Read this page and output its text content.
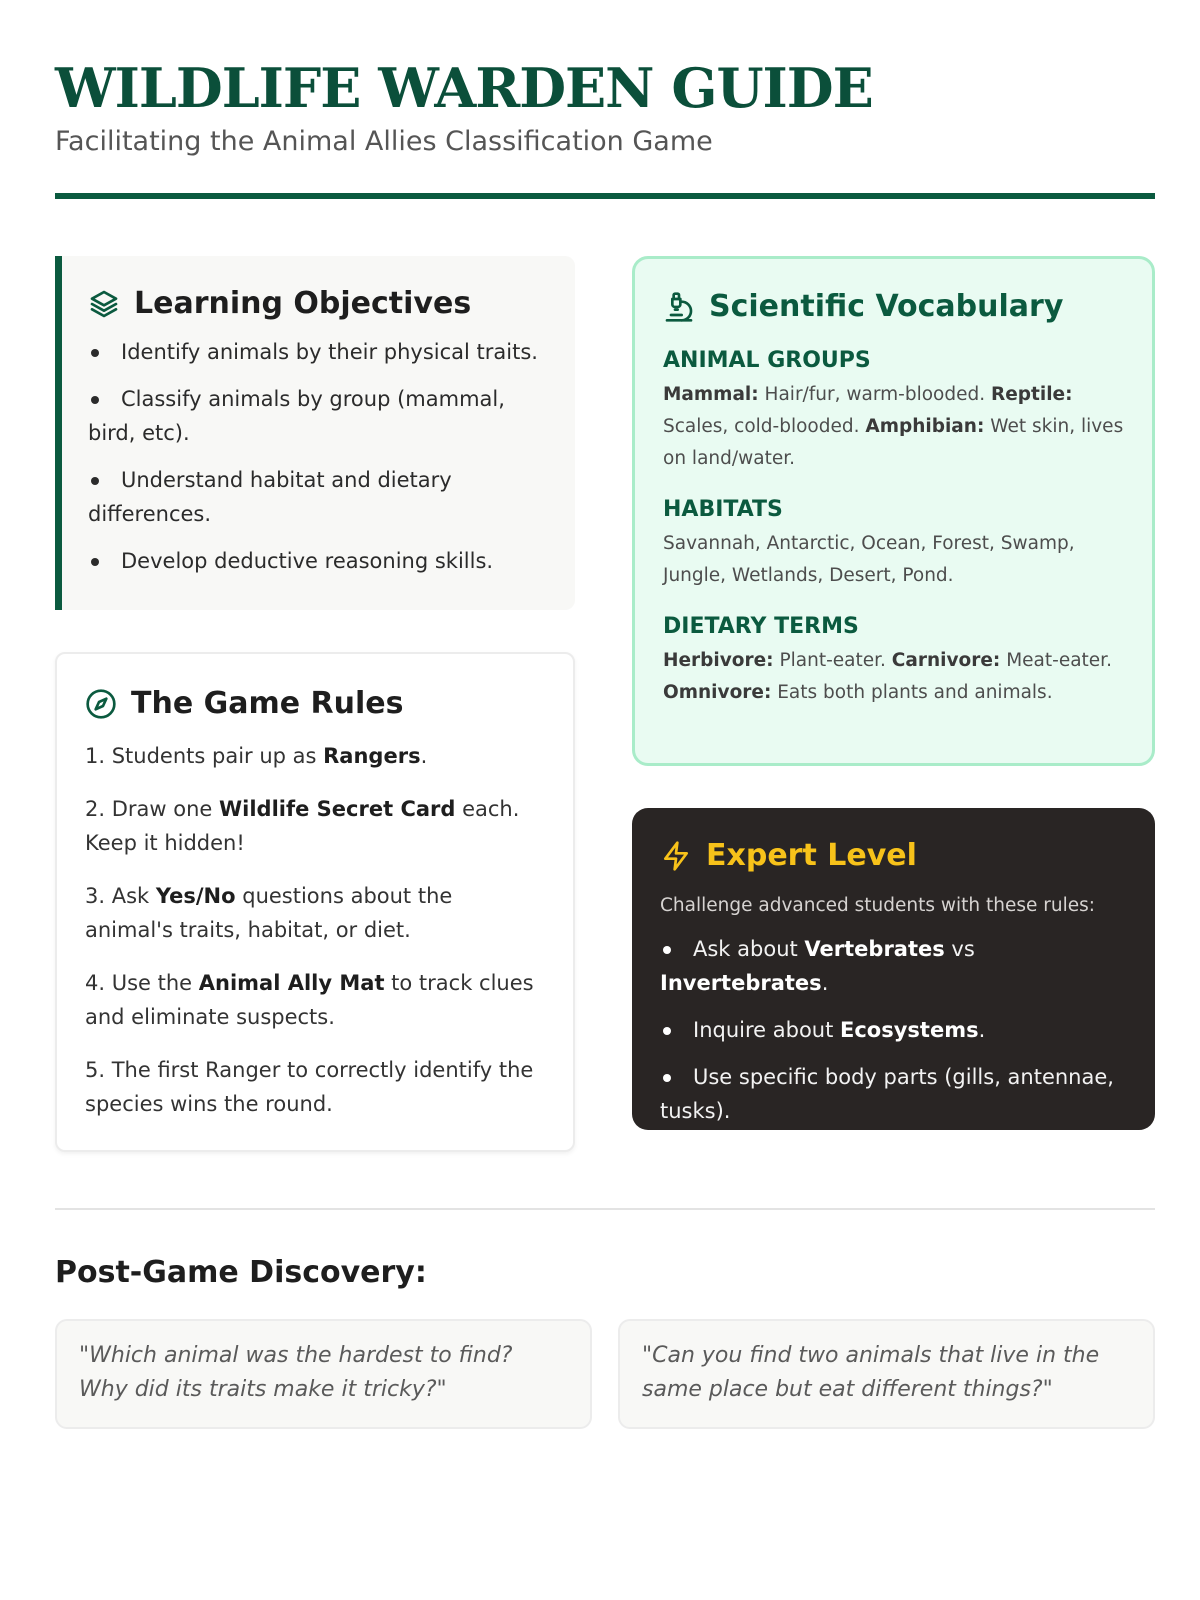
WILDLIFE WARDEN GUIDE
Facilitating the Animal Allies Classification Game
Learning Objectives
Identify animals by their physical traits.
Classify animals by group (mammal, bird, etc).
Understand habitat and dietary differences.
Develop deductive reasoning skills.
The Game Rules
1. Students pair up as Rangers.
2. Draw one Wildlife Secret Card each. Keep it hidden!
3. Ask Yes/No questions about the animal's traits, habitat, or diet.
4. Use the Animal Ally Mat to track clues and eliminate suspects.
5. The first Ranger to correctly identify the species wins the round.
Scientific Vocabulary
ANIMAL GROUPS

Mammal: Hair/fur, warm-blooded. Reptile: Scales, cold-blooded. Amphibian: Wet skin, lives on land/water.

HABITATS

Savannah, Antarctic, Ocean, Forest, Swamp, Jungle, Wetlands, Desert, Pond.

DIETARY TERMS

Herbivore: Plant-eater. Carnivore: Meat-eater. Omnivore: Eats both plants and animals.

Expert Level
Challenge advanced students with these rules:
Ask about Vertebrates vs Invertebrates.
Inquire about Ecosystems.
Use specific body parts (gills, antennae, tusks).
Post-Game Discovery:
"Which animal was the hardest to find? Why did its traits make it tricky?"
"Can you find two animals that live in the same place but eat different things?"
